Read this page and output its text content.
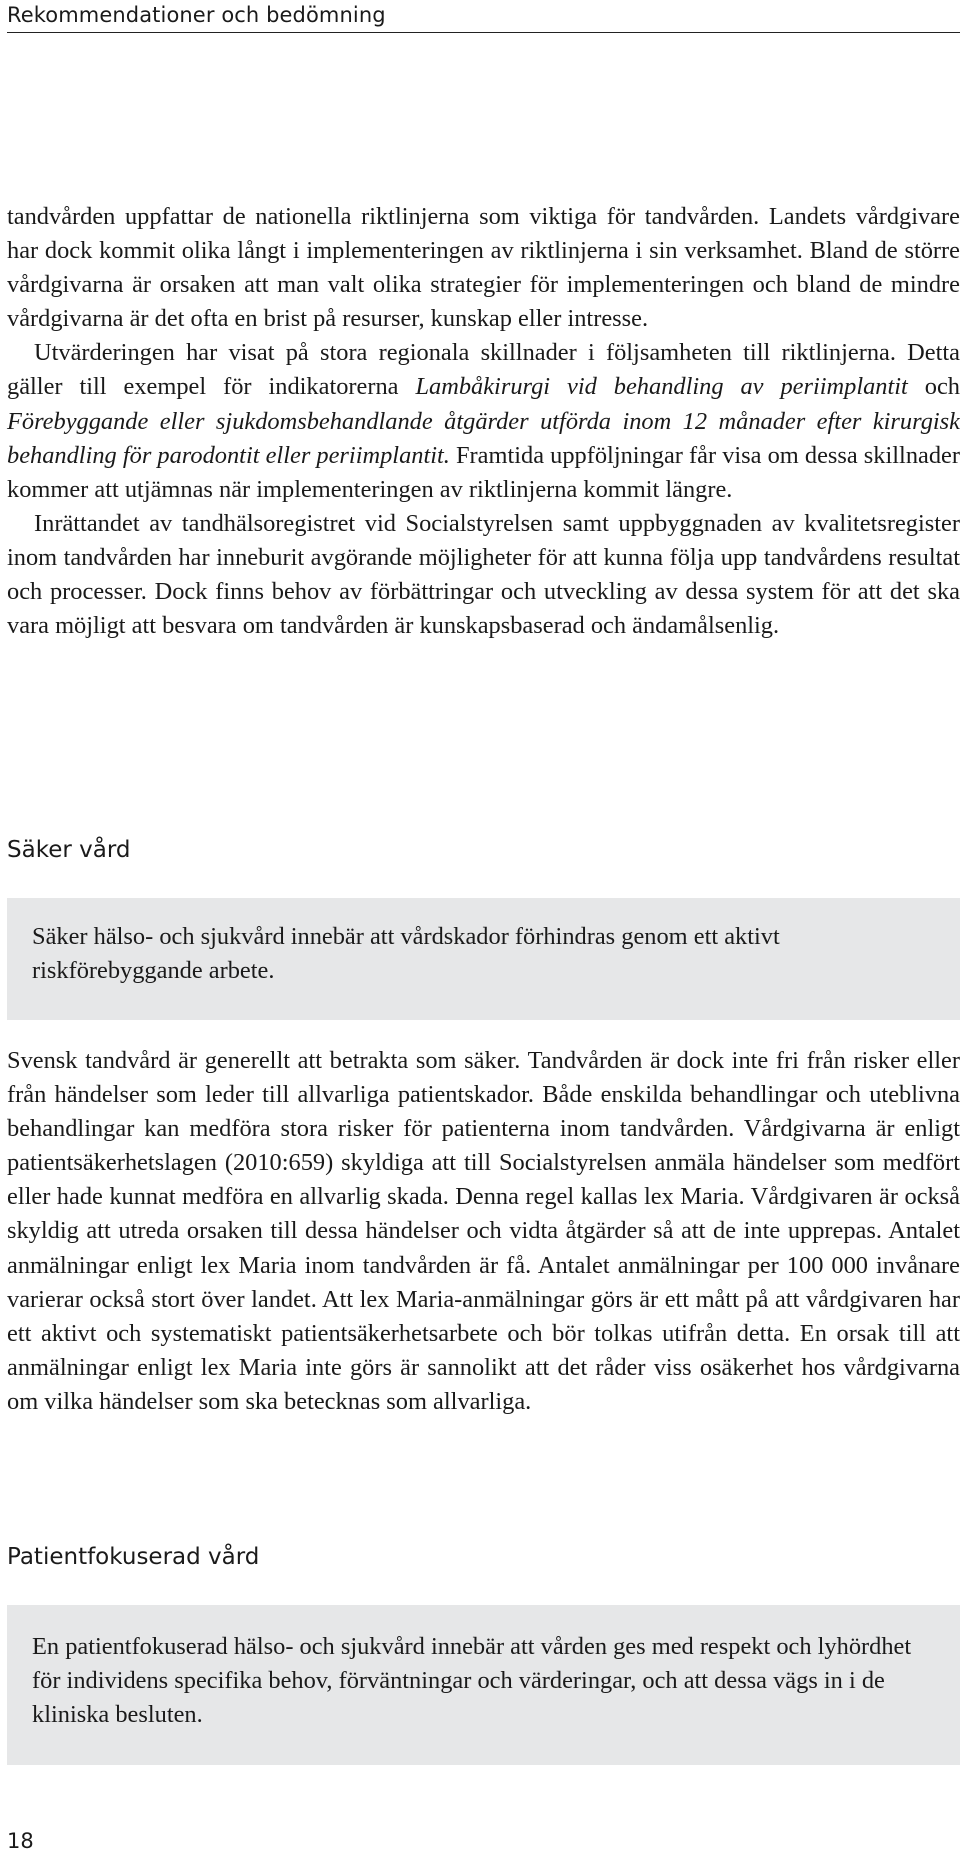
Rekommendationer och bedömning

tandvården uppfattar de nationella riktlinjerna som viktiga för tandvården. Landets vårdgivare har dock kommit olika långt i implementeringen av riktlinjerna i sin verksamhet. Bland de större vårdgivarna är orsaken att man valt olika strategier för implementeringen och bland de mindre vårdgivarna är det ofta en brist på resurser, kunskap eller intresse.

Utvärderingen har visat på stora regionala skillnader i följsamheten till riktlinjerna. Detta gäller till exempel för indikatorerna Lambåkirurgi vid behandling av periimplantit och Förebyggande eller sjukdomsbehandlande åtgärder utförda inom 12 månader efter kirurgisk behandling för parodontit eller periimplantit. Framtida uppföljningar får visa om dessa skillnader kommer att utjämnas när implementeringen av riktlinjerna kommit längre.

Inrättandet av tandhälsoregistret vid Socialstyrelsen samt uppbyggnaden av kvalitetsregister inom tandvården har inneburit avgörande möjligheter för att kunna följa upp tandvårdens resultat och processer. Dock finns behov av förbättringar och utveckling av dessa system för att det ska vara möjligt att besvara om tandvården är kunskapsbaserad och ändamålsenlig.

Säker vård
Säker hälso- och sjukvård innebär att vårdskador förhindras genom ett aktivt riskförebyggande arbete.

Svensk tandvård är generellt att betrakta som säker. Tandvården är dock inte fri från risker eller från händelser som leder till allvarliga patientskador. Både enskilda behandlingar och uteblivna behandlingar kan medföra stora risker för patienterna inom tandvården. Vårdgivarna är enligt patientsäkerhetslagen (2010:659) skyldiga att till Socialstyrelsen anmäla händelser som medfört eller hade kunnat medföra en allvarlig skada. Denna regel kallas lex Maria. Vårdgivaren är också skyldig att utreda orsaken till dessa händelser och vidta åtgärder så att de inte upprepas. Antalet anmälningar enligt lex Maria inom tandvården är få. Antalet anmälningar per 100 000 invånare varierar också stort över landet. Att lex Maria-anmälningar görs är ett mått på att vårdgivaren har ett aktivt och systematiskt patientsäkerhetsarbete och bör tolkas utifrån detta. En orsak till att anmälningar enligt lex Maria inte görs är sannolikt att det råder viss osäkerhet hos vårdgivarna om vilka händelser som ska betecknas som allvarliga.

Patientfokuserad vård
En patientfokuserad hälso- och sjukvård innebär att vården ges med respekt och lyhördhet för individens specifika behov, förväntningar och värderingar, och att dessa vägs in i de kliniska besluten.
18
